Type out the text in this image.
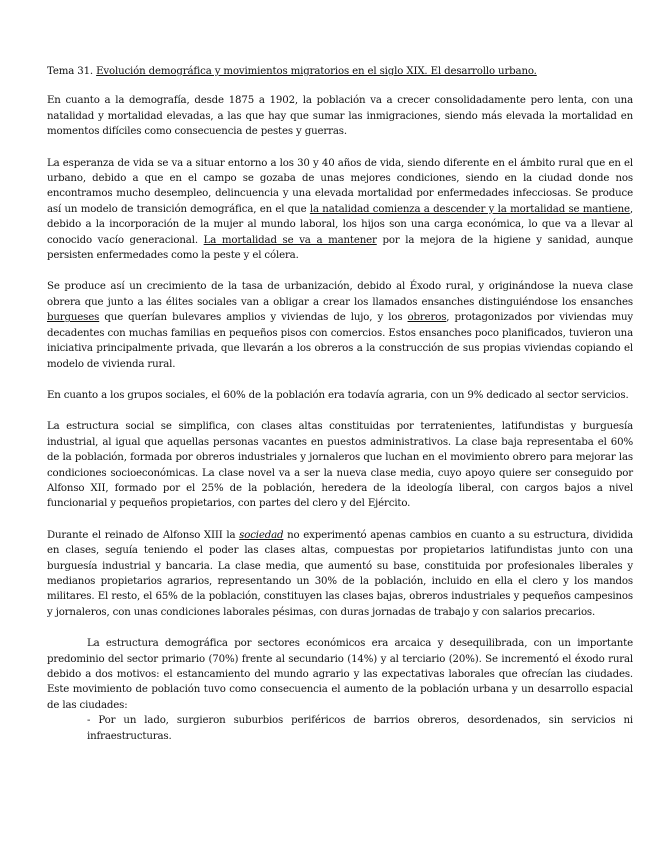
Tema 31. Evolución demográfica y movimientos migratorios en el siglo XIX. El desarrollo urbano.

En cuanto a la demografía, desde 1875 a 1902, la población va a crecer consolidadamente pero lenta, con una natalidad y mortalidad elevadas, a las que hay que sumar las inmigraciones, siendo más elevada la mortalidad en momentos difíciles como consecuencia de pestes y guerras.

La esperanza de vida se va a situar entorno a los 30 y 40 años de vida, siendo diferente en el ámbito rural que en el urbano, debido a que en el campo se gozaba de unas mejores condiciones, siendo en la ciudad donde nos encontramos mucho desempleo, delincuencia y una elevada mortalidad por enfermedades infecciosas. Se produce así un modelo de transición demográfica, en el que la natalidad comienza a descender y la mortalidad se mantiene, debido a la incorporación de la mujer al mundo laboral, los hijos son una carga económica, lo que va a llevar al conocido vacío generacional. La mortalidad se va a mantener por la mejora de la higiene y sanidad, aunque persisten enfermedades como la peste y el cólera.

Se produce así un crecimiento de la tasa de urbanización, debido al Éxodo rural, y originándose la nueva clase obrera que junto a las élites sociales van a obligar a crear los llamados ensanches distinguiéndose los ensanches burgueses que querían bulevares amplios y viviendas de lujo, y los obreros, protagonizados por viviendas muy decadentes con muchas familias en pequeños pisos con comercios. Estos ensanches poco planificados, tuvieron una iniciativa principalmente privada, que llevarán a los obreros a la construcción de sus propias viviendas copiando el modelo de vivienda rural.

En cuanto a los grupos sociales, el 60% de la población era todavía agraria, con un 9% dedicado al sector servicios.

La estructura social se simplifica, con clases altas constituidas por terratenientes, latifundistas y burguesía industrial, al igual que aquellas personas vacantes en puestos administrativos. La clase baja representaba el 60% de la población, formada por obreros industriales y jornaleros que luchan en el movimiento obrero para mejorar las condiciones socioeconómicas. La clase novel va a ser la nueva clase media, cuyo apoyo quiere ser conseguido por Alfonso XII, formado por el 25% de la población, heredera de la ideología liberal, con cargos bajos a nivel funcionarial y pequeños propietarios, con partes del clero y del Ejército.

Durante el reinado de Alfonso XIII la sociedad no experimentó apenas cambios en cuanto a su estructura, dividida en clases, seguía teniendo el poder las clases altas, compuestas por propietarios latifundistas junto con una burguesía industrial y bancaria. La clase media, que aumentó su base, constituida por profesionales liberales y medianos propietarios agrarios, representando un 30% de la población, incluido en ella el clero y los mandos militares. El resto, el 65% de la población, constituyen las clases bajas, obreros industriales y pequeños campesinos y jornaleros, con unas condiciones laborales pésimas, con duras jornadas de trabajo y con salarios precarios.

La estructura demográfica por sectores económicos era arcaica y desequilibrada, con un importante predominio del sector primario (70%) frente al secundario (14%) y al terciario (20%). Se incrementó el éxodo rural debido a dos motivos: el estancamiento del mundo agrario y las expectativas laborales que ofrecían las ciudades. Este movimiento de población tuvo como consecuencia el aumento de la población urbana y un desarrollo espacial de las ciudades:

- Por un lado, surgieron suburbios periféricos de barrios obreros, desordenados, sin servicios ni infraestructuras.
